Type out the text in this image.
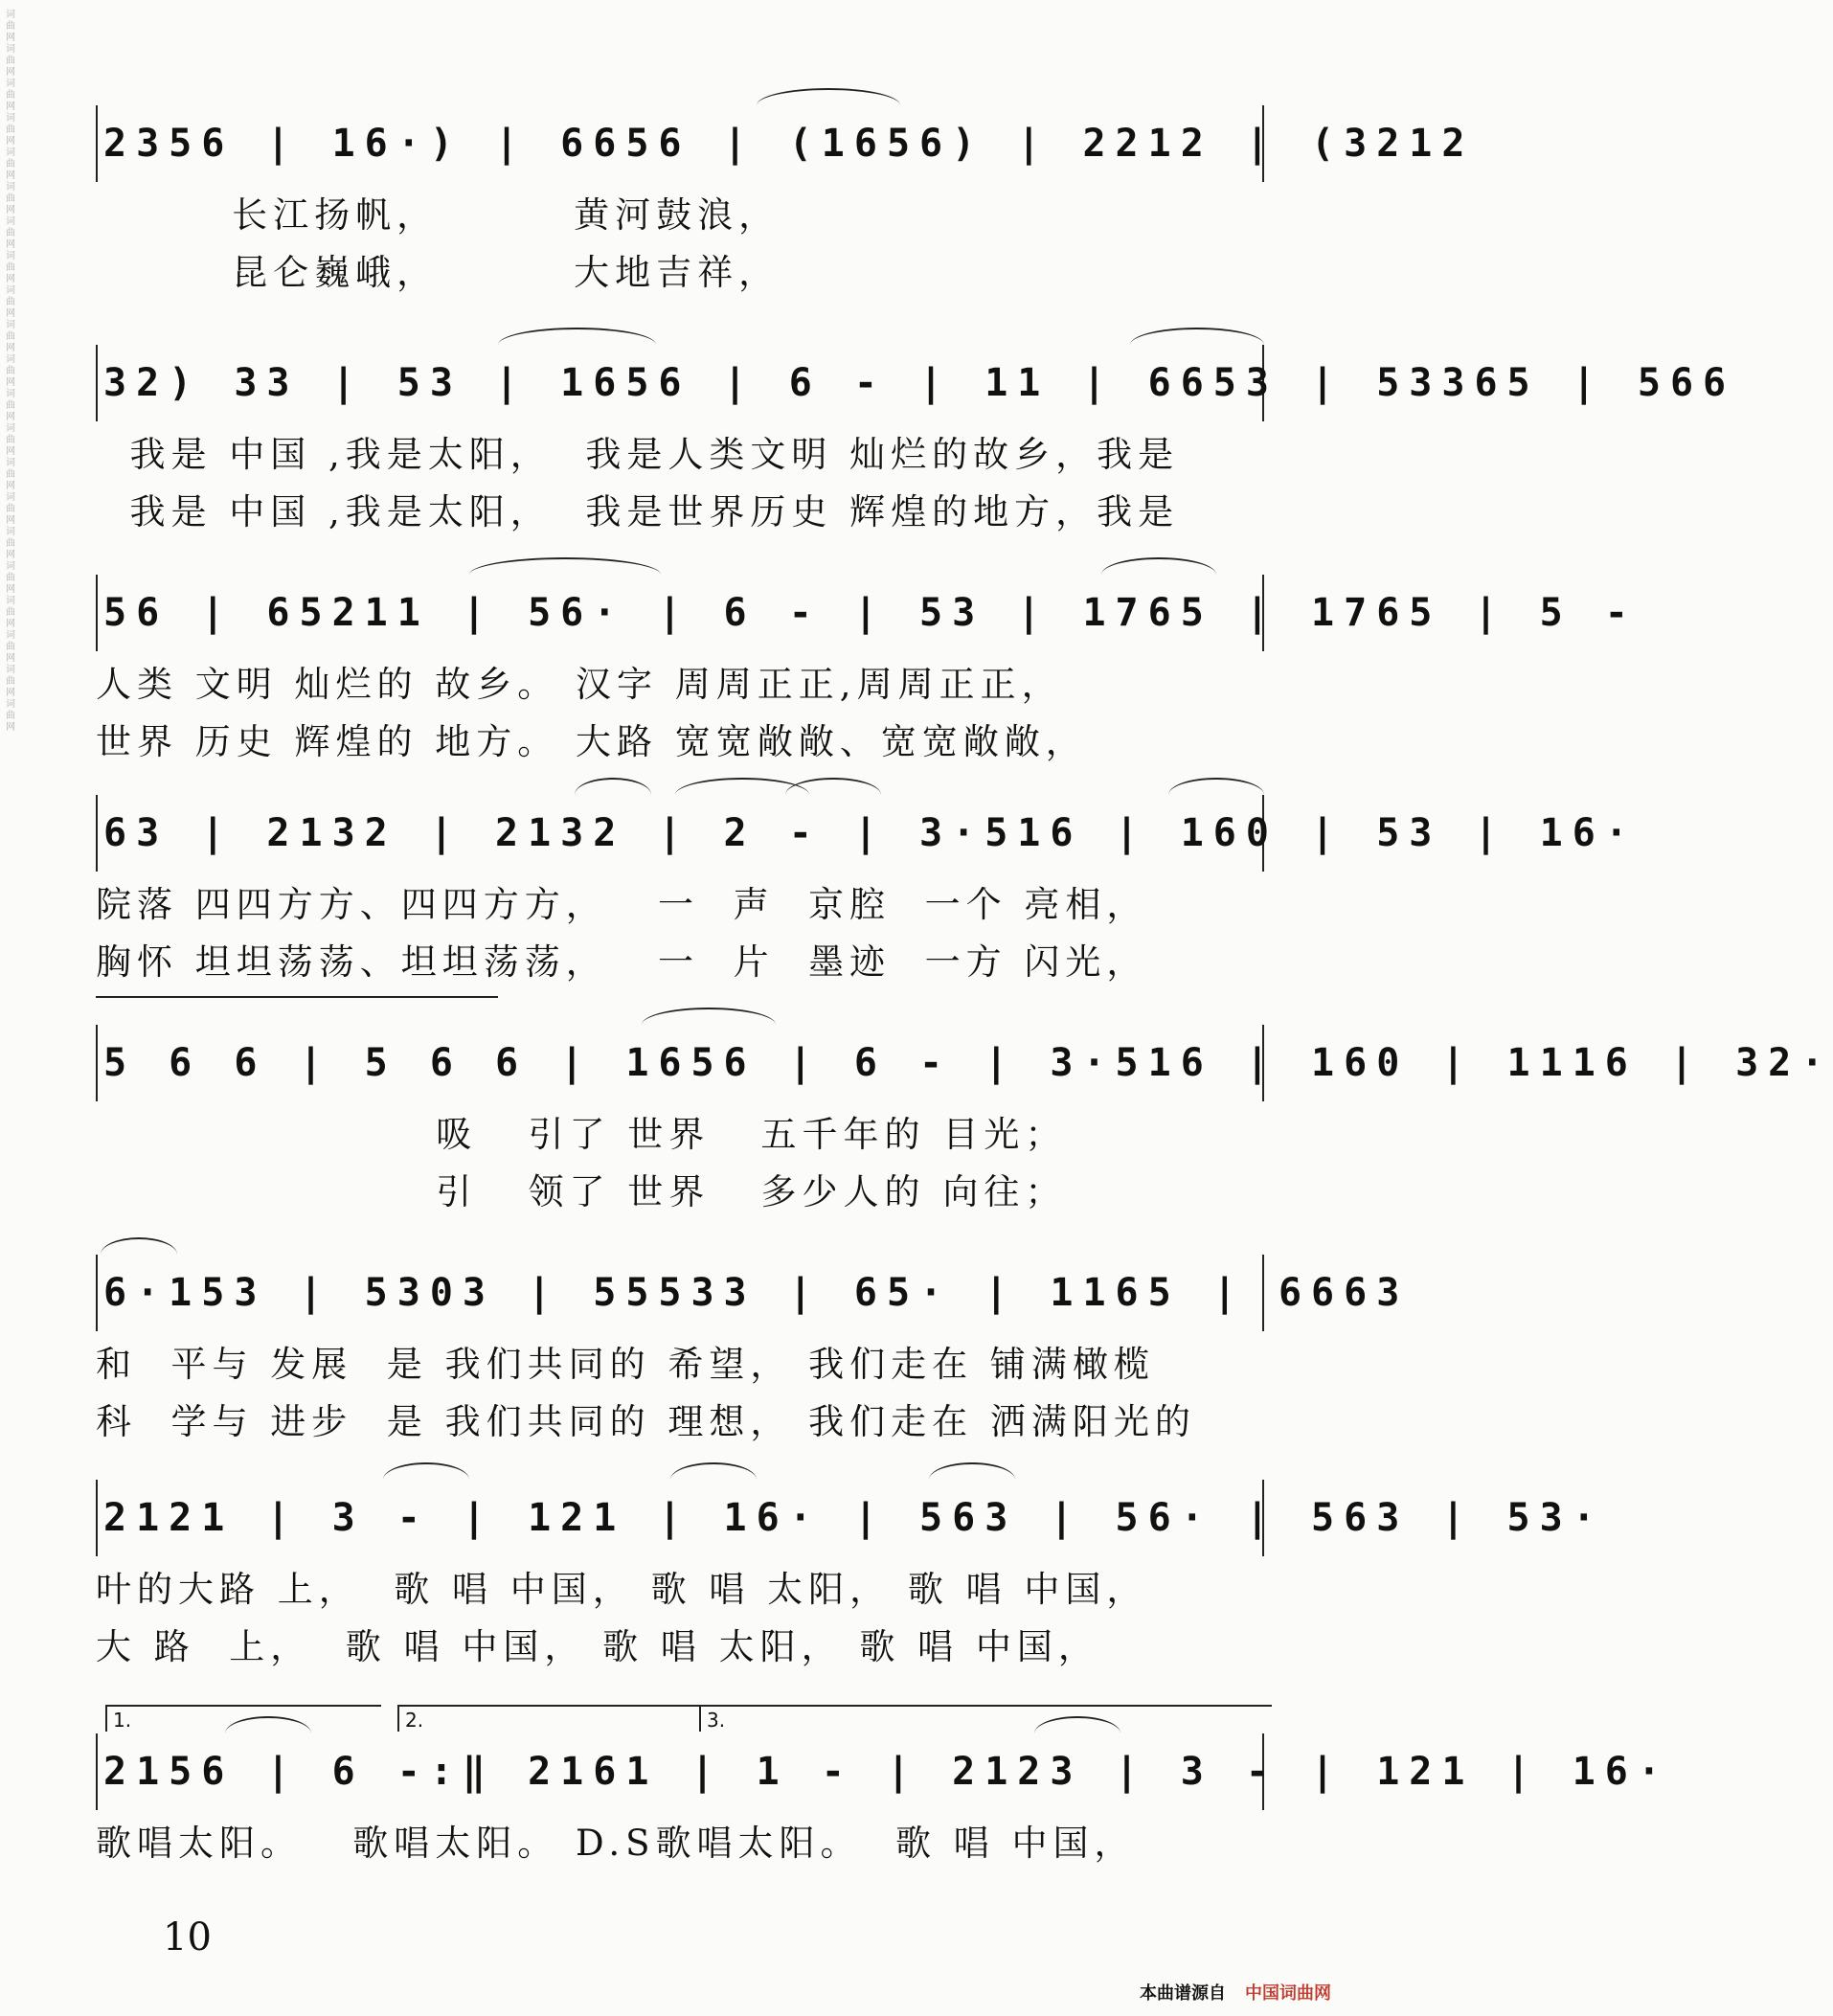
词曲网词曲网词曲网词曲网词曲网词曲网词曲网词曲网词曲网词曲网词曲网词曲网词曲网词曲网词曲网词曲网词曲网词曲网词曲网词曲网词曲网
2356 | 16·) | 6656 | (1656) | 2212 | (3212
长江扬帆，        黄河鼓浪，
昆仑巍峨，        大地吉祥，
32) 33 | 53 | 1656 | 6 - | 11 | 6653 | 53365 | 566
我是 中国 ,我是太阳，  我是人类文明 灿烂的故乡，我是
我是 中国 ,我是太阳，  我是世界历史 辉煌的地方，我是
56 | 65211 | 56· | 6 - | 53 | 1765 | 1765 | 5 -
人类 文明 灿烂的 故乡。 汉字 周周正正,周周正正，
世界 历史 辉煌的 地方。 大路 宽宽敞敞、宽宽敞敞，
63 | 2132 | 2132 | 2 - | 3·516 | 160 | 53 | 16·
院落 四四方方、四四方方，   一  声  京腔  一个 亮相，
胸怀 坦坦荡荡、坦坦荡荡，   一  片  墨迹  一方 闪光，
5 6 6 | 5 6 6 | 1656 | 6 - | 3·516 | 160 | 1116 | 32·
吸   引了 世界   五千年的 目光；
引   领了 世界   多少人的 向往；
6·153 | 5303 | 55533 | 65· | 1165 | 6663
和  平与 发展  是 我们共同的 希望， 我们走在 铺满橄榄
科  学与 进步  是 我们共同的 理想， 我们走在 洒满阳光的
2121 | 3 - | 121 | 16· | 563 | 56· | 563 | 53·
叶的大路 上，  歌 唱 中国， 歌 唱 太阳， 歌 唱 中国，
大 路  上，  歌 唱 中国， 歌 唱 太阳， 歌 唱 中国，
1.	2.	3.
2156 | 6 -:‖ 2161 | 1 - | 2123 | 3 - | 121 | 16·
歌唱太阳。   歌唱太阳。 D.S歌唱太阳。  歌 唱 中国，
10
本曲谱源自 中国词曲网
